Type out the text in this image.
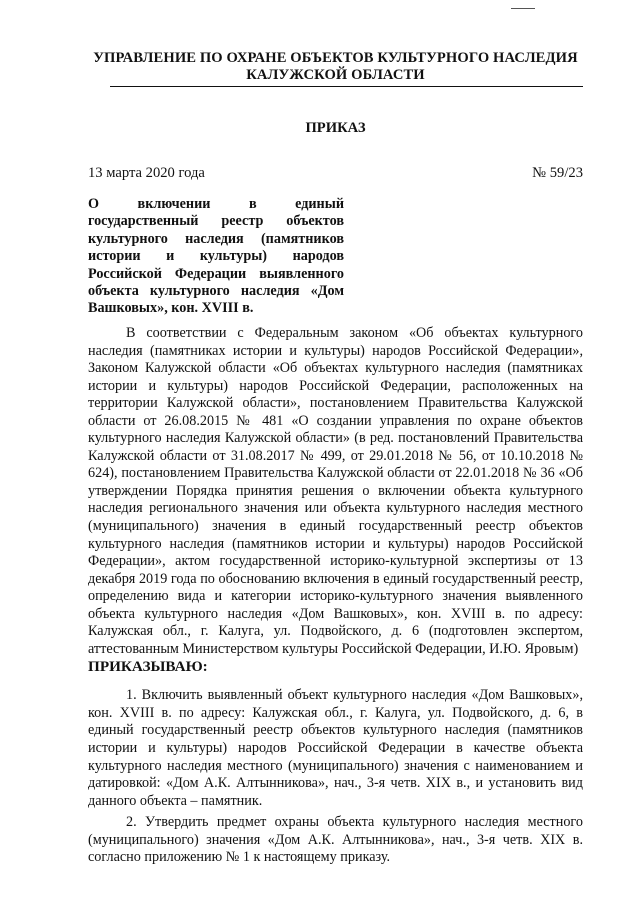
УПРАВЛЕНИЕ ПО ОХРАНЕ ОБЪЕКТОВ КУЛЬТУРНОГО НАСЛЕДИЯ
КАЛУЖСКОЙ ОБЛАСТИ
ПРИКАЗ
13 марта 2020 года	№ 59/23
О включении в единый государственный реестр объектов культурного наследия (памятников истории и культуры) народов Российской Федерации выявленного объекта культурного наследия «Дом Вашковых», кон. XVIII в.

В соответствии с Федеральным законом «Об объектах культурного наследия (памятниках истории и культуры) народов Российской Федерации», Законом Калужской области «Об объектах культурного наследия (памятниках истории и культуры) народов Российской Федерации, расположенных на территории Калужской области», постановлением Правительства Калужской области от 26.08.2015 № 481 «О создании управления по охране объектов культурного наследия Калужской области» (в ред. постановлений Правительства Калужской области от 31.08.2017 № 499, от 29.01.2018 № 56, от 10.10.2018 № 624), постановлением Правительства Калужской области от 22.01.2018 № 36 «Об утверждении Порядка принятия решения о включении объекта культурного наследия регионального значения или объекта культурного наследия местного (муниципального) значения в единый государственный реестр объектов культурного наследия (памятников истории и культуры) народов Российской Федерации», актом государственной историко-культурной экспертизы от 13 декабря 2019 года по обоснованию включения в единый государственный реестр, определению вида и категории историко-культурного значения выявленного объекта культурного наследия «Дом Вашковых», кон. XVIII в. по адресу: Калужская обл., г. Калуга, ул. Подвойского, д. 6 (подготовлен экспертом, аттестованным Министерством культуры Российской Федерации, И.Ю. Яровым)

ПРИКАЗЫВАЮ:

1. Включить выявленный объект культурного наследия «Дом Вашковых», кон. XVIII в. по адресу: Калужская обл., г. Калуга, ул. Подвойского, д. 6, в единый государственный реестр объектов культурного наследия (памятников истории и культуры) народов Российской Федерации в качестве объекта культурного наследия местного (муниципального) значения с наименованием и датировкой: «Дом А.К. Алтынникова», нач., 3-я четв. XIX в., и установить вид данного объекта – памятник.

2. Утвердить предмет охраны объекта культурного наследия местного (муниципального) значения «Дом А.К. Алтынникова», нач., 3-я четв. XIX в. согласно приложению № 1 к настоящему приказу.
